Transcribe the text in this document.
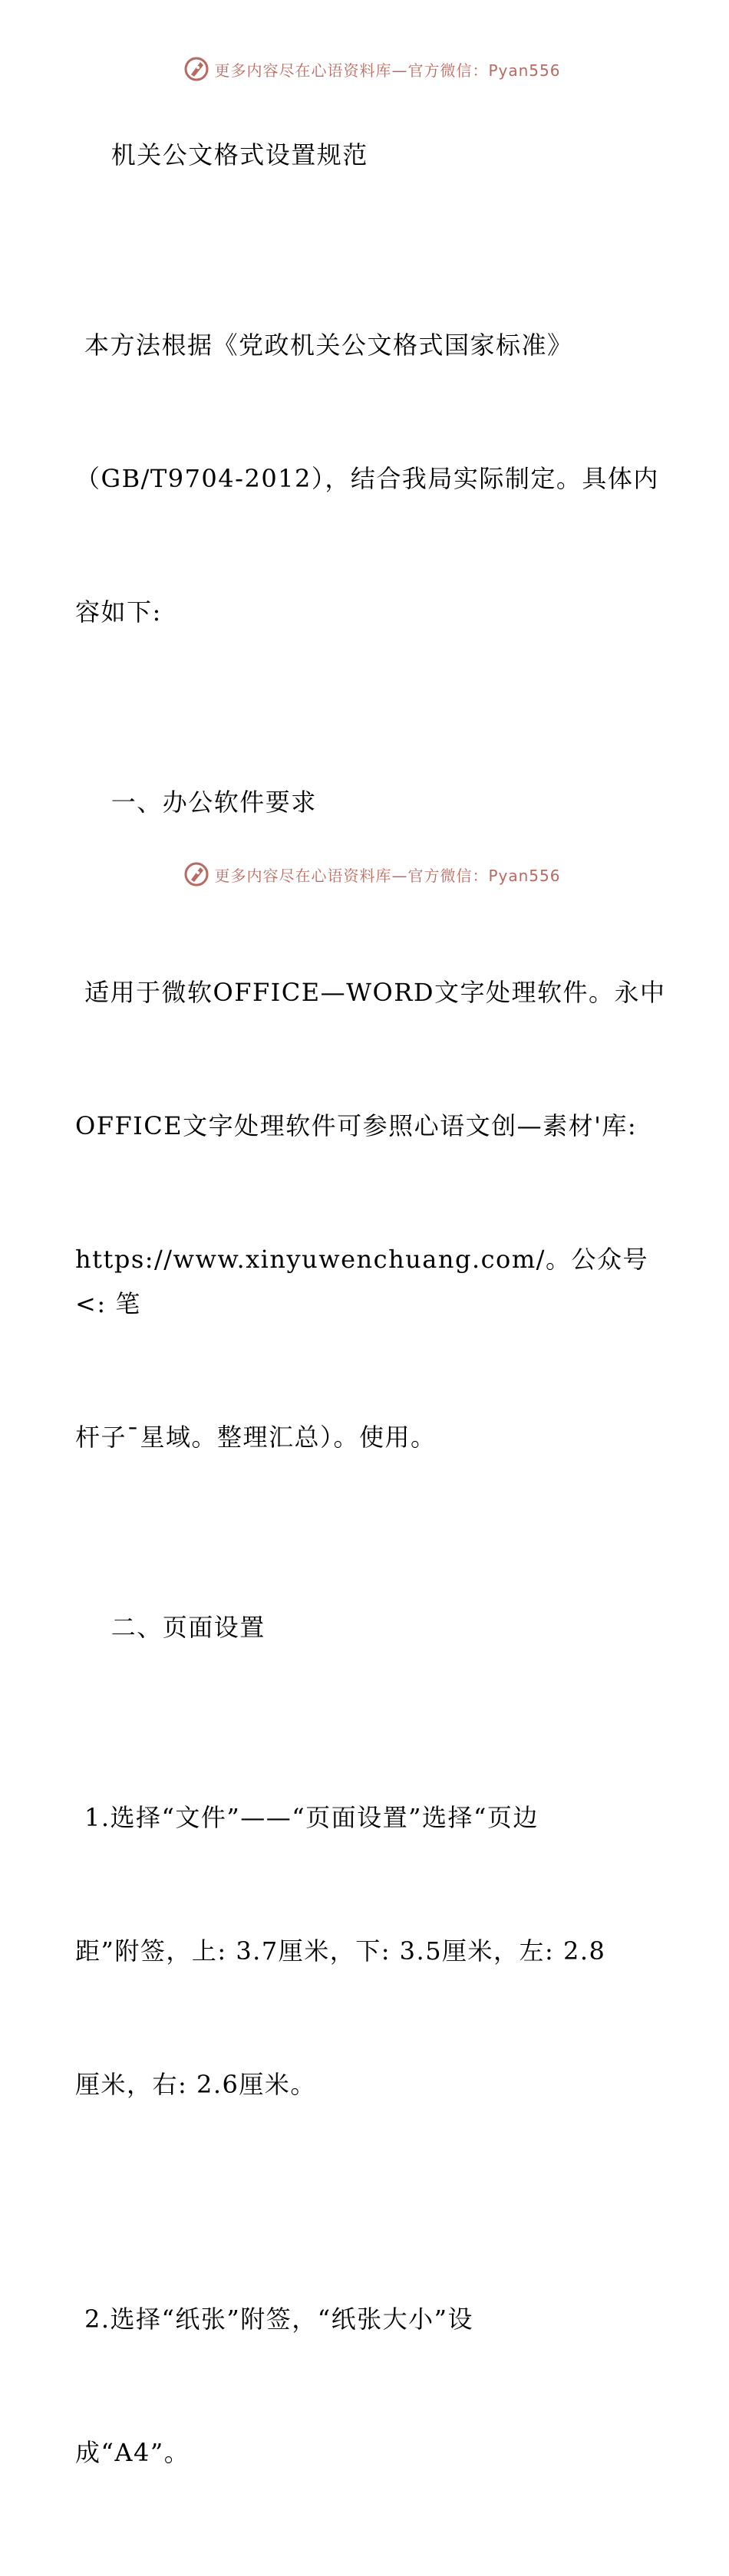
更多内容尽在心语资料库—官方微信：Pyan556

机关公文格式设置规范

本方法根据《党政机关公文格式国家标准》

（GB/T9704-2012），结合我局实际制定。具体内

容如下:

一、办公软件要求

适用于微软OFFICE—WORD文字处理软件。永中

OFFICE文字处理软件可参照心语文创—素材'库:

https://www.xinyuwenchuang.com/。公众号<: 笔

杆子¯星域。整理汇总）。使用。

二、页面设置

1.选择“文件”——“页面设置”选择“页边

距”附签，上: 3.7厘米，下: 3.5厘米，左: 2.8

厘米，右: 2.6厘米。

2.选择“纸张”附签，“纸张大小”设

成“A4”。

更多内容尽在心语资料库—官方微信：Pyan556
